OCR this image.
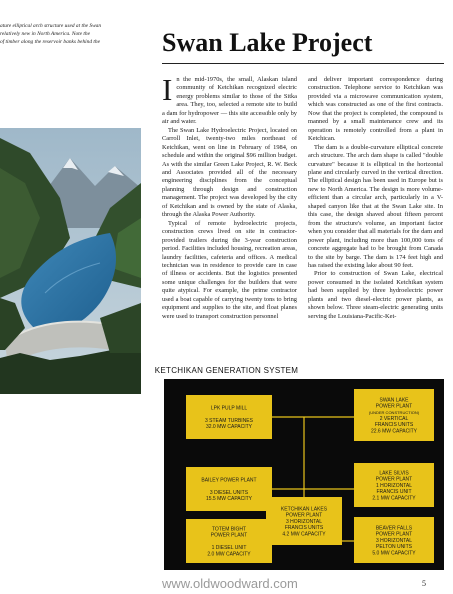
ature elliptical arch structure used at the Swan
relatively new in North America. Note the
of timber along the reservoir banks behind the	Swan Lake Project

In the mid-1970s, the small, Alaskan island community of Ketchikan recognized electric energy problems similar to those of the Sitka area. They, too, selected a remote site to build a dam for hydropower — this site accessible only by air and water.

The Swan Lake Hydroelectric Project, located on Carroll Inlet, twenty-two miles northeast of Ketchikan, went on line in February of 1984, on schedule and within the original $96 million budget. As with the similar Green Lake Project, R. W. Beck and Associates provided all of the necessary engineering disciplines from the conceptual planning through design and construction management. The project was developed by the city of Ketchikan and is owned by the state of Alaska, through the Alaska Power Authority.

Typical of remote hydroelectric projects, construction crews lived on site in contractor-provided trailers during the 3-year construction period. Facilities included housing, recreation areas, laundry facilities, cafeteria and offices. A medical technician was in residence to provide care in case of illness or accidents. But the logistics presented some unique challenges for the builders that were quite atypical. For example, the prime contractor used a boat capable of carrying twenty tons to bring equipment and supplies to the site, and float planes were used to transport construction personnel

and deliver important correspondence during construction. Telephone service to Ketchikan was provided via a microwave communication system, which was constructed as one of the first contracts. Now that the project is completed, the compound is manned by a small maintenance crew and its operation is remotely controlled from a plant in Ketchican.

The dam is a double-curvature elliptical concrete arch structure. The arch dam shape is called "double curvature" because it is elliptical in the horizontal plane and circularly curved in the vertical direction. The elliptical design has been used in Europe but is new to North America. The design is more volume-efficient than a circular arch, particularly in a V-shaped canyon like that at the Swan Lake site. In this case, the design shaved about fifteen percent from the structure's volume, an important factor when you consider that all materials for the dam and power plant, including more than 100,000 tons of concrete aggregate had to be brought from Canada to the site by barge. The dam is 174 feet high and has raised the existing lake about 90 feet.

Prior to construction of Swan Lake, electrical power consumed in the isolated Ketchikan system had been supplied by three hydroelectric power plants and two diesel-electric power plants, as shown below. Three steam-electric generating units serving the Louisiana-Pacific-Ket-

KETCHIKAN GENERATION SYSTEM
LPK PULP MILL
3 STEAM TURBINES
32.0 MW CAPACITY
SWAN LAKE
POWER PLANT
(UNDER CONSTRUCTION)
2 VERTICAL
FRANCIS UNITS
22.6 MW CAPACITY
BAILEY POWER PLANT
3 DIESEL UNITS
15.5 MW CAPACITY
LAKE SILVIS
POWER PLANT
1 HORIZONTAL
FRANCIS UNIT
2.1 MW CAPACITY
KETCHIKAN LAKES
POWER PLANT
3 HORIZONTAL
FRANCIS UNITS
4.2 MW CAPACITY
TOTEM BIGHT
POWER PLANT
1 DIESEL UNIT
2.0 MW CAPACITY
BEAVER FALLS
POWER PLANT
3 HORIZONTAL
PELTON UNITS
5.0 MW CAPACITY
www.oldwoodward.com	5
